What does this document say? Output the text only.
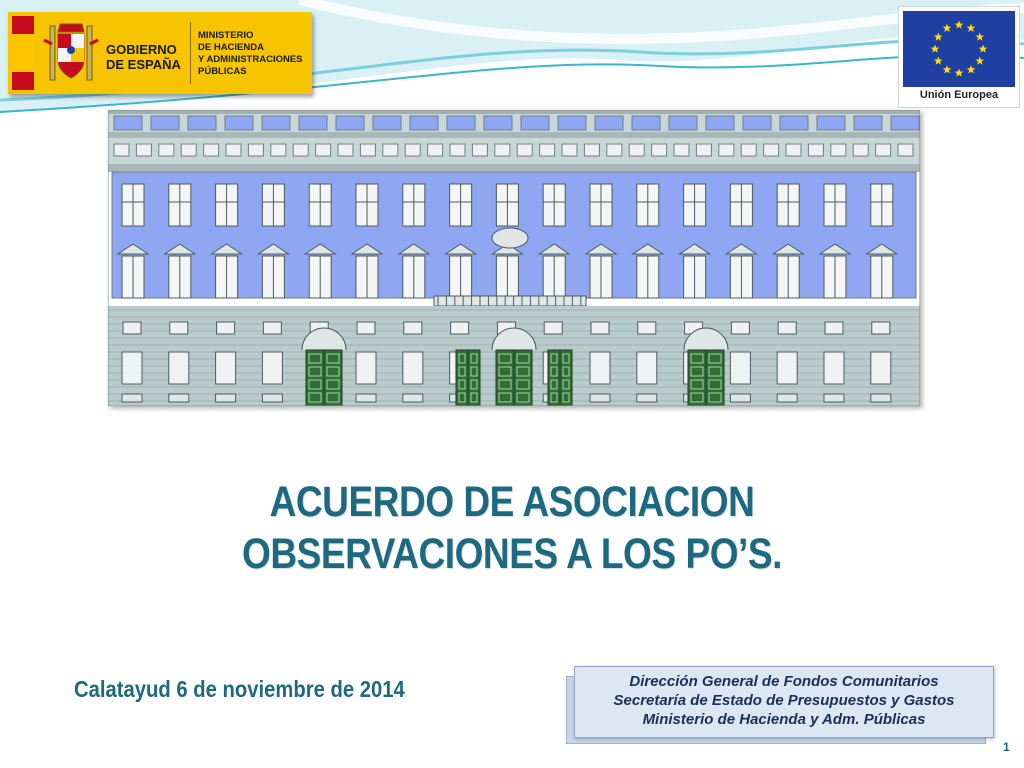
GOBIERNO
DE ESPAÑA
MINISTERIO
DE HACIENDA
Y ADMINISTRACIONES
PÚBLICAS
Unión Europea
ACUERDO DE ASOCIACION
OBSERVACIONES A LOS PO’S.
Calatayud 6 de noviembre de 2014	Dirección General de Fondos Comunitarios
Secretaría de Estado de Presupuestos y Gastos
Ministerio de Hacienda y Adm. Públicas
1
